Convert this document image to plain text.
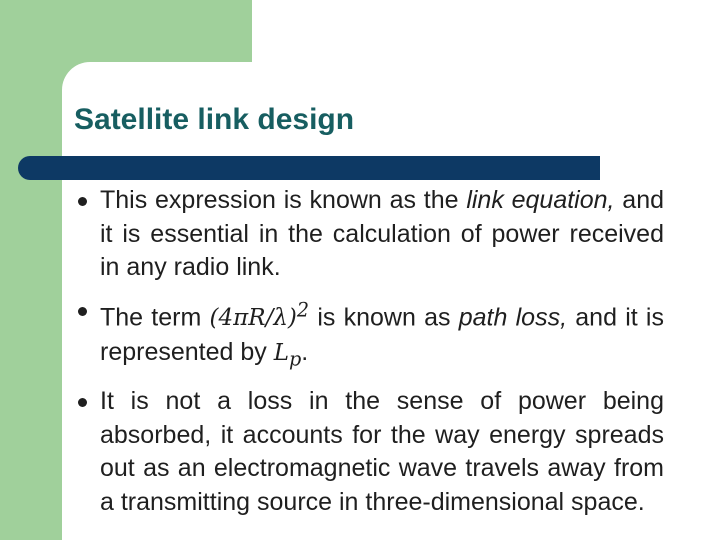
Satellite link design
This expression is known as the link equation, and it is essential in the calculation of power received in any radio link.
The term $(4\pi R/\lambda)^2$ is known as path loss, and it is represented by $L_p$.
It is not a loss in the sense of power being absorbed, it accounts for the way energy spreads out as an electromagnetic wave travels away from a transmitting source in three-dimensional space.
